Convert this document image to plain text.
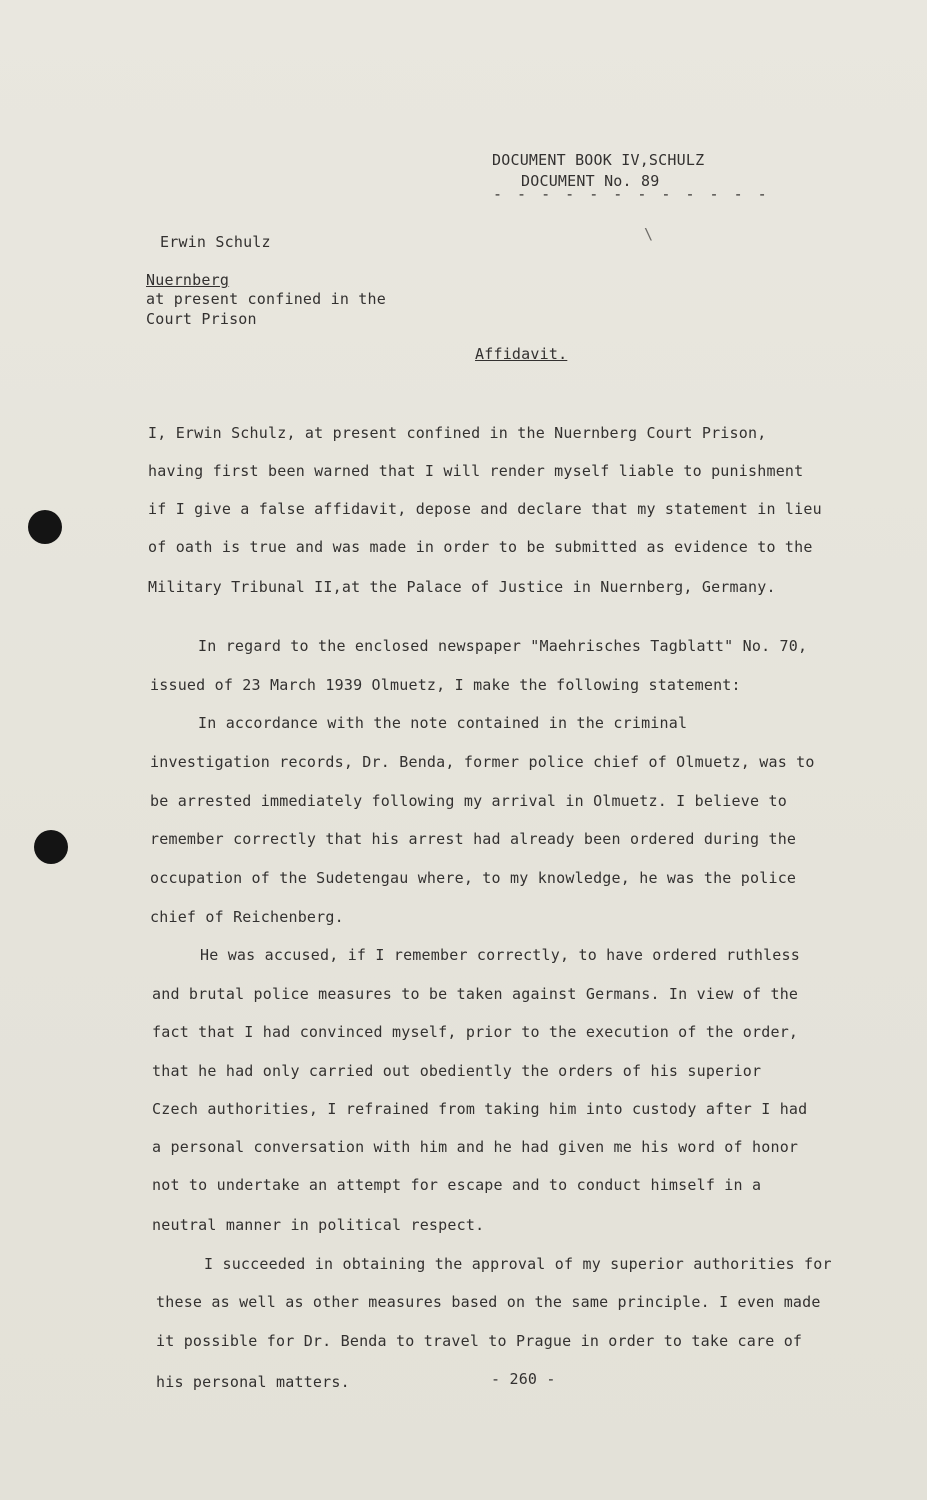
\
DOCUMENT BOOK IV,SCHULZ
DOCUMENT No. 89
- - - - - - - - - - - -
Erwin Schulz
Nuernberg
at present confined in the
Court Prison
Affidavit.
I, Erwin Schulz, at present confined in the Nuernberg Court Prison,
having first been warned that I will render myself liable to punishment
if I give a false affidavit, depose and declare that my statement in lieu
of oath is true and was made in order to be submitted as evidence to the
Military Tribunal II,at the Palace of Justice in Nuernberg, Germany.
In regard to the enclosed newspaper "Maehrisches Tagblatt" No. 70,
issued of 23 March 1939 Olmuetz, I make the following statement:
In accordance with the note contained in the criminal
investigation records, Dr. Benda, former police chief of Olmuetz, was to
be arrested immediately following my arrival in Olmuetz. I believe to
remember correctly that his arrest had already been ordered during the
occupation of the Sudetengau where, to my knowledge, he was the police
chief of Reichenberg.
He was accused, if I remember correctly, to have ordered ruthless
and brutal police measures to be taken against Germans. In view of the
fact that I had convinced myself, prior to the execution of the order,
that he had only carried out obediently the orders of his superior
Czech authorities, I refrained from taking him into custody after I had
a personal conversation with him and he had given me his word of honor
not to undertake an attempt for escape and to conduct himself in a
neutral manner in political respect.
I succeeded in obtaining the approval of my superior authorities for
these as well as other measures based on the same principle. I even made
it possible for Dr. Benda to travel to Prague in order to take care of
his personal matters.	- 260 -
